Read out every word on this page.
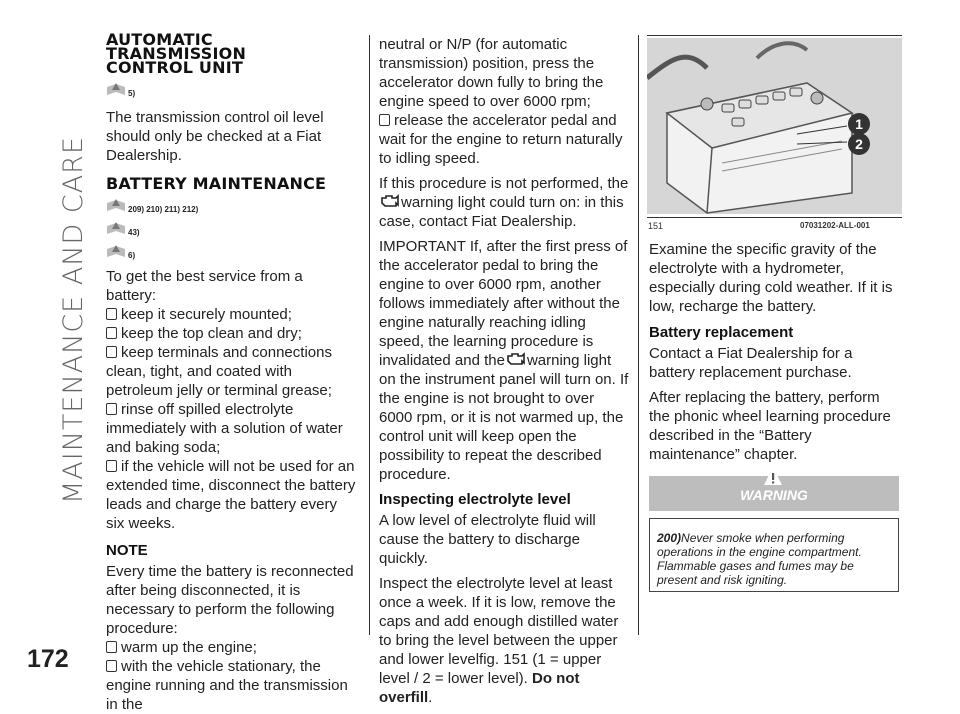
MAINTENANCE AND CARE
172
AUTOMATIC TRANSMISSION CONTROL UNIT
$^{5)}$

The transmission control oil level should only be checked at a Fiat Dealership.

BATTERY MAINTENANCE
$^{209) 210) 211) 212)}$
$^{43)}$
$^{6)}$

To get the best service from a battery:

keep it securely mounted;

keep the top clean and dry;

keep terminals and connections clean, tight, and coated with petroleum jelly or terminal grease;

rinse off spilled electrolyte immediately with a solution of water and baking soda;

if the vehicle will not be used for an extended time, disconnect the battery leads and charge the battery every six weeks.

NOTE

Every time the battery is reconnected after being disconnected, it is necessary to perform the following procedure:

warm up the engine;

with the vehicle stationary, the engine running and the transmission in the

neutral or N/P (for automatic transmission) position, press the accelerator down fully to bring the engine speed to over 6000 rpm;

release the accelerator pedal and wait for the engine to return naturally to idling speed.

If this procedure is not performed, the
warning light could turn on: in this case, contact Fiat Dealership.

IMPORTANT If, after the first press of the accelerator pedal to bring the engine to over 6000 rpm, another follows immediately after without the engine naturally reaching idling speed, the learning procedure is invalidated and the warning light on the instrument panel will turn on. If the engine is not brought to over 6000 rpm, or it is not warmed up, the control unit will keep open the possibility to repeat the described procedure.

Inspecting electrolyte level

A low level of electrolyte fluid will cause the battery to discharge quickly.

Inspect the electrolyte level at least once a week. If it is low, remove the caps and add enough distilled water to bring the level between the upper and lower levelfig. 151 (1 = upper level / 2 = lower level). Do not overfill.

1
2
151	07031202-ALL-001

Examine the specific gravity of the electrolyte with a hydrometer, especially during cold weather. If it is low, recharge the battery.

Battery replacement

Contact a Fiat Dealership for a battery replacement purchase.

After replacing the battery, perform the phonic wheel learning procedure described in the “Battery maintenance” chapter.

WARNING

200)Never smoke when performing operations in the engine compartment. Flammable gases and fumes may be present and risk igniting.
